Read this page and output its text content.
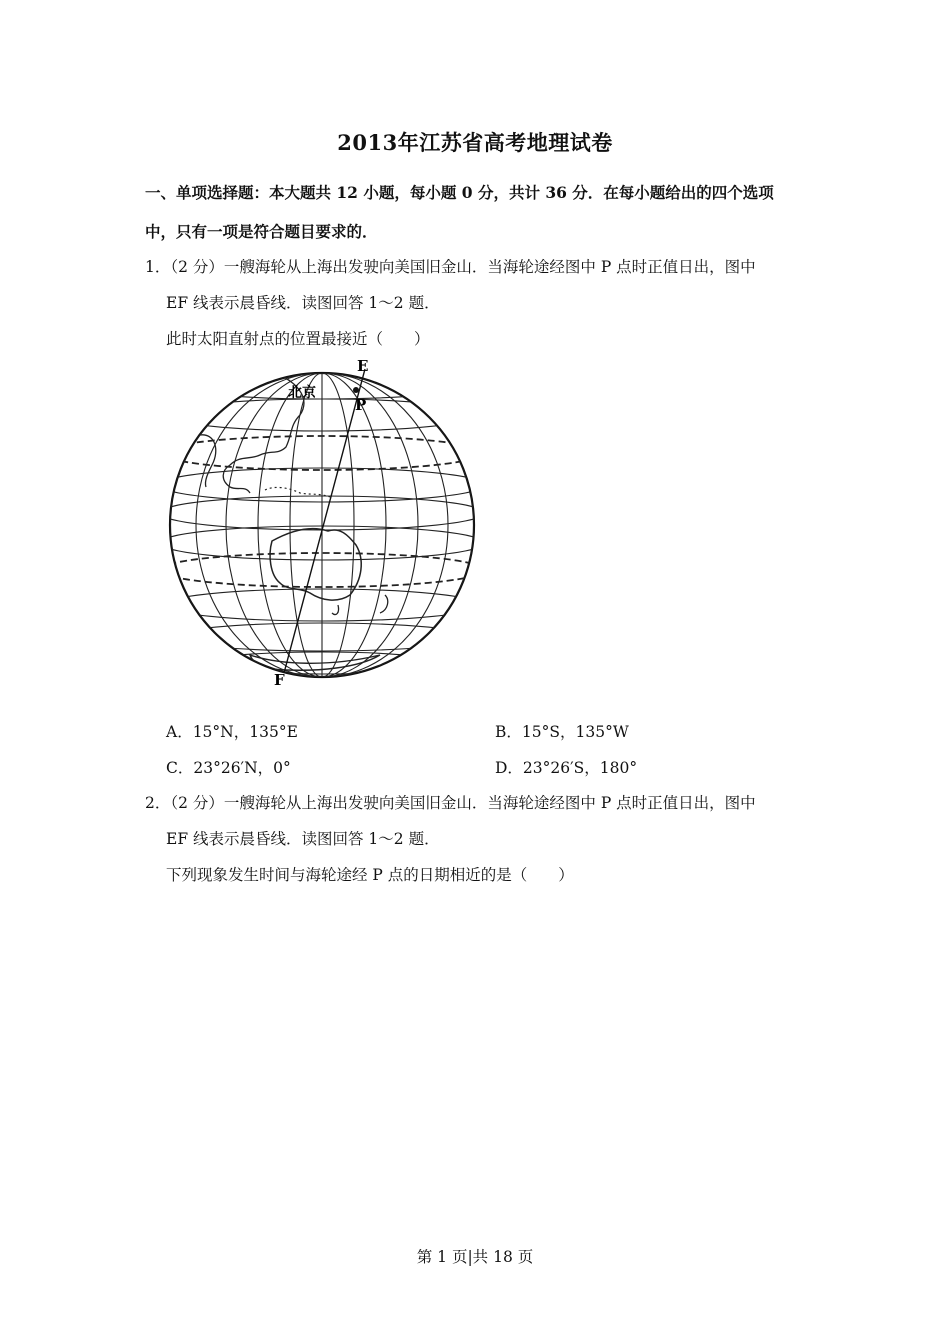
2013年江苏省高考地理试卷
一、单项选择题：本大题共 12 小题，每小题 0 分，共计 36 分．在每小题给出的四个选项
中，只有一项是符合题目要求的．
1．（2 分）一艘海轮从上海出发驶向美国旧金山．当海轮途经图中 P 点时正值日出，图中
EF 线表示晨昏线．读图回答 1～2 题．
此时太阳直射点的位置最接近（　　）
E
P
北京
F
A．15°N，135°E	B．15°S，135°W
C．23°26′N，0°	D．23°26′S，180°
2．（2 分）一艘海轮从上海出发驶向美国旧金山．当海轮途经图中 P 点时正值日出，图中
EF 线表示晨昏线．读图回答 1～2 题．
下列现象发生时间与海轮途经 P 点的日期相近的是（　　）
第 1 页|共 18 页
